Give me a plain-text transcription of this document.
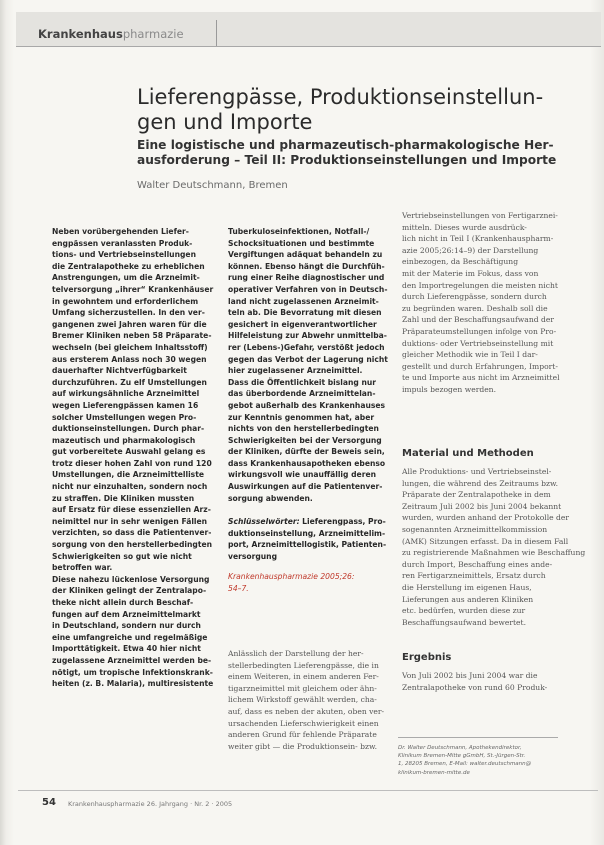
Krankenhauspharmazie
Lieferengpässe, Produktionseinstellun-
gen und Importe
Eine logistische und pharmazeutisch-pharmakologische Her-
ausforderung – Teil II: Produktionseinstellungen und Importe
Walter Deutschmann, Bremen

Neben vorübergehenden Liefer-

engpässen veranlassten Produk-

tions- und Vertriebseinstellungen

die Zentralapotheke zu erheblichen

Anstrengungen, um die Arzneimit-

telversorgung „ihrer“ Krankenhäuser

in gewohntem und erforderlichem

Umfang sicherzustellen. In den ver-

gangenen zwei Jahren waren für die

Bremer Kliniken neben 58 Präparate-

wechseln (bei gleichem Inhaltsstoff)

aus ersterem Anlass noch 30 wegen

dauerhafter Nichtverfügbarkeit

durchzuführen. Zu elf Umstellungen

auf wirkungsähnliche Arzneimittel

wegen Lieferengpässen kamen 16

solcher Umstellungen wegen Pro-

duktionseinstellungen. Durch phar-

mazeutisch und pharmakologisch

gut vorbereitete Auswahl gelang es

trotz dieser hohen Zahl von rund 120

Umstellungen, die Arzneimittelliste

nicht nur einzuhalten, sondern noch

zu straffen. Die Kliniken mussten

auf Ersatz für diese essenziellen Arz-

neimittel nur in sehr wenigen Fällen

verzichten, so dass die Patientenver-

sorgung von den herstellerbedingten

Schwierigkeiten so gut wie nicht

betroffen war.

Diese nahezu lückenlose Versorgung

der Kliniken gelingt der Zentralapo-

theke nicht allein durch Beschaf-

fungen auf dem Arzneimittelmarkt

in Deutschland, sondern nur durch

eine umfangreiche und regelmäßige

Importtätigkeit. Etwa 40 hier nicht

zugelassene Arzneimittel werden be-

nötigt, um tropische Infektionskrank-

heiten (z. B. Malaria), multiresistente

Tuberkuloseinfektionen, Notfall-/

Schocksituationen und bestimmte

Vergiftungen adäquat behandeln zu

können. Ebenso hängt die Durchfüh-

rung einer Reihe diagnostischer und

operativer Verfahren von in Deutsch-

land nicht zugelassenen Arzneimit-

teln ab. Die Bevorratung mit diesen

gesichert in eigenverantwortlicher

Hilfeleistung zur Abwehr unmittelba-

rer (Lebens-)Gefahr, verstößt jedoch

gegen das Verbot der Lagerung nicht

hier zugelassener Arzneimittel.

Dass die Öffentlichkeit bislang nur

das überbordende Arzneimittelan-

gebot außerhalb des Krankenhauses

zur Kenntnis genommen hat, aber

nichts von den herstellerbedingten

Schwierigkeiten bei der Versorgung

der Kliniken, dürfte der Beweis sein,

dass Krankenhausapotheken ebenso

wirkungsvoll wie unauffällig deren

Auswirkungen auf die Patientenver-

sorgung abwenden.

Schlüsselwörter: Lieferengpass, Pro-

duktionseinstellung, Arzneimittelim-

port, Arzneimittellogistik, Patienten-

versorgung

Krankenhauspharmazie 2005;26:

54–7.

Anlässlich der Darstellung der her-

stellerbedingten Lieferengpässe, die in

einem Weiteren, in einem anderen Fer-

tigarzneimittel mit gleichem oder ähn-

lichem Wirkstoff gewählt werden, cha-

auf, dass es neben der akuten, oben ver-

ursachenden Lieferschwierigkeit einen

anderen Grund für fehlende Präparate

weiter gibt — die Produktionsein- bzw.

Vertriebseinstellungen von Fertigarznei-

mitteln. Dieses wurde ausdrück-

lich nicht in Teil I (Krankenhauspharm-

azie 2005;26:14–9) der Darstellung

einbezogen, da Beschäftigung

mit der Materie im Fokus, dass von

den Importregelungen die meisten nicht

durch Lieferengpässe, sondern durch

zu begründen waren. Deshalb soll die

Zahl und der Beschaffungsaufwand der

Präparateumstellungen infolge von Pro-

duktions- oder Vertriebseinstellung mit

gleicher Methodik wie in Teil I dar-

gestellt und durch Erfahrungen, Import-

te und Importe aus nicht im Arzneimittel

impuls bezogen werden.

Material und Methoden

Alle Produktions- und Vertriebseinstel-

lungen, die während des Zeitraums bzw.

Präparate der Zentralapotheke in dem

Zeitraum Juli 2002 bis Juni 2004 bekannt

wurden, wurden anhand der Protokolle der

sogenannten Arzneimittelkommission

(AMK) Sitzungen erfasst. Da in diesem Fall

zu registrierende Maßnahmen wie Beschaffung

durch Import, Beschaffung eines ande-

ren Fertigarzneimittels, Ersatz durch

die Herstellung im eigenen Haus,

Lieferungen aus anderen Kliniken

etc. bedürfen, wurden diese zur

Beschaffungsaufwand bewertet.

Ergebnis

Von Juli 2002 bis Juni 2004 war die

Zentralapotheke von rund 60 Produk-

Dr. Walter Deutschmann, Apothekendirektor,

Klinikum Bremen-Mitte gGmbH, St.-Jürgen-Str.

1, 28205 Bremen, E-Mail: walter.deutschmann@

klinikum-bremen-mitte.de

54 Krankenhauspharmazie 26. Jahrgang · Nr. 2 · 2005
